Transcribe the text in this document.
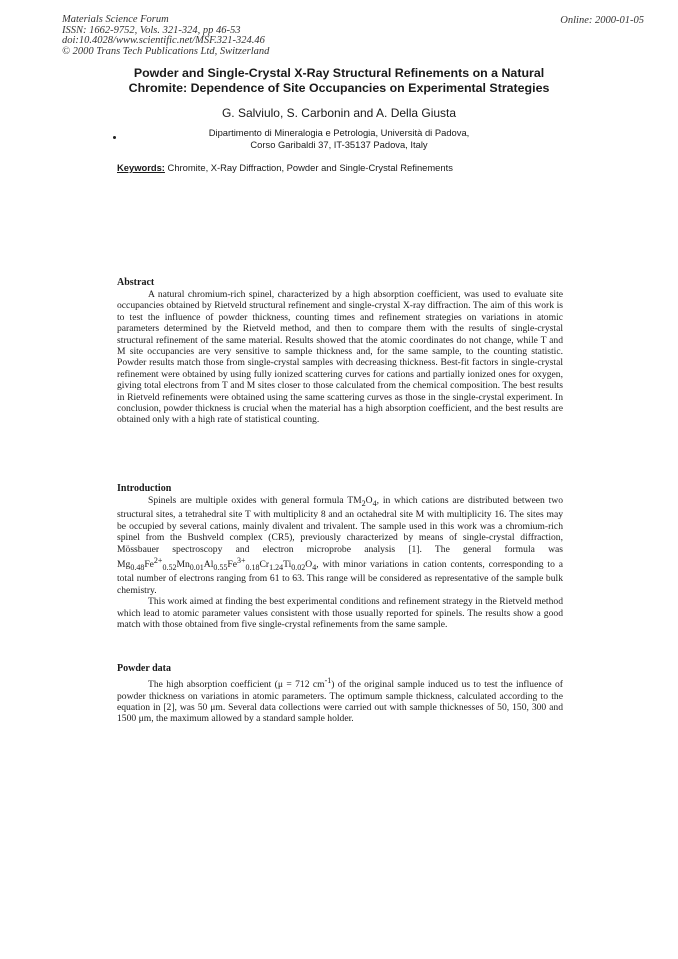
Materials Science Forum
ISSN: 1662-9752, Vols. 321-324, pp 46-53
doi:10.4028/www.scientific.net/MSF.321-324.46
© 2000 Trans Tech Publications Ltd, Switzerland
Online: 2000-01-05
Powder and Single-Crystal X-Ray Structural Refinements on a Natural
Chromite: Dependence of Site Occupancies on Experimental Strategies
G. Salviulo, S. Carbonin and A. Della Giusta
Dipartimento di Mineralogia e Petrologia, Università di Padova,
Corso Garibaldi 37, IT-35137 Padova, Italy
Keywords: Chromite, X-Ray Diffraction, Powder and Single-Crystal Refinements
Abstract

A natural chromium-rich spinel, characterized by a high absorption coefficient, was used to evaluate site occupancies obtained by Rietveld structural refinement and single-crystal X-ray diffraction. The aim of this work is to test the influence of powder thickness, counting times and refinement strategies on variations in atomic parameters determined by the Rietveld method, and then to compare them with the results of single-crystal structural refinement of the same material. Results showed that the atomic coordinates do not change, while T and M site occupancies are very sensitive to sample thickness and, for the same sample, to the counting statistic. Powder results match those from single-crystal samples with decreasing thickness. Best-fit factors in single-crystal refinement were obtained by using fully ionized scattering curves for cations and partially ionized ones for oxygen, giving total electrons from T and M sites closer to those calculated from the chemical composition. The best results in Rietveld refinements were obtained using the same scattering curves as those in the single-crystal experiment. In conclusion, powder thickness is crucial when the material has a high absorption coefficient, and the best results are obtained only with a high rate of statistical counting.

Introduction

Spinels are multiple oxides with general formula $TM_2O_4$, in which cations are distributed between two structural sites, a tetrahedral site T with multiplicity 8 and an octahedral site M with multiplicity 16. The sites may be occupied by several cations, mainly divalent and trivalent. The sample used in this work was a chromium-rich spinel from the Bushveld complex (CR5), previously characterized by means of single-crystal diffraction, Mössbauer spectroscopy and electron microprobe analysis [1]. The general formula was $Mg_{0.48}Fe^{2+}_{0.52}Mn_{0.01}Al_{0.55}Fe^{3+}_{0.18}Cr_{1.24}Ti_{0.02}O_4$, with minor variations in cation contents, corresponding to a total number of electrons ranging from 61 to 63. This range will be considered as representative of the sample bulk chemistry.

This work aimed at finding the best experimental conditions and refinement strategy in the Rietveld method which lead to atomic parameter values consistent with those usually reported for spinels. The results show a good match with those obtained from five single-crystal refinements from the same sample.

Powder data

The high absorption coefficient (μ = 712 $cm^{-1}$) of the original sample induced us to test the influence of powder thickness on variations in atomic parameters. The optimum sample thickness, calculated according to the equation in [2], was 50 μm. Several data collections were carried out with sample thicknesses of 50, 150, 300 and 1500 μm, the maximum allowed by a standard sample holder.
